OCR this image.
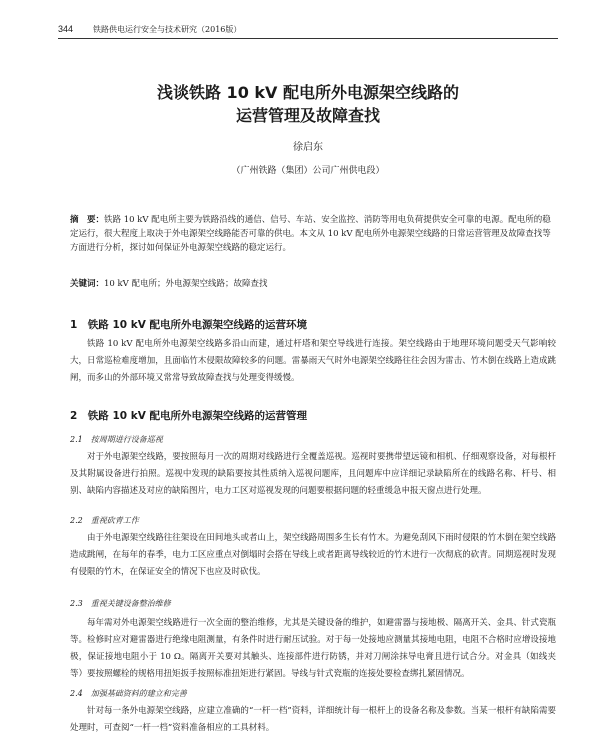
344	铁路供电运行安全与技术研究（2016版）
浅谈铁路 10 kV 配电所外电源架空线路的
运营管理及故障查找
徐启东
（广州铁路（集团）公司广州供电段）
摘　要：铁路 10 kV 配电所主要为铁路沿线的通信、信号、车站、安全监控、消防等用电负荷提供安全可靠的电源。配电所的稳定运行，很大程度上取决于外电源架空线路能否可靠的供电。本文从 10 kV 配电所外电源架空线路的日常运营管理及故障查找等方面进行分析，探讨如何保证外电源架空线路的稳定运行。
关键词：10 kV 配电所；外电源架空线路；故障查找
1　铁路 10 kV 配电所外电源架空线路的运营环境
铁路 10 kV 配电所外电源架空线路多沿山而建，通过杆塔和架空导线进行连接。架空线路由于地理环境问题受天气影响较大，日常巡检难度增加，且面临竹木侵限故障较多的问题。雷暴雨天气时外电源架空线路往往会因为雷击、竹木倒在线路上造成跳闸，而多山的外部环境又常常导致故障查找与处理变得缓慢。
2　铁路 10 kV 配电所外电源架空线路的运营管理
2.1　按周期进行设备巡视
对于外电源架空线路，要按照每月一次的周期对线路进行全覆盖巡视。巡视时要携带望远镜和相机、仔细观察设备，对每根杆及其附属设备进行拍照。巡视中发现的缺陷要按其性质纳入巡视问题库，且问题库中应详细记录缺陷所在的线路名称、杆号、相别、缺陷内容描述及对应的缺陷图片，电力工区对巡视发现的问题要根据问题的轻重缓急申报天窗点进行处理。
2.2　重视砍青工作
由于外电源架空线路往往架设在田间地头或者山上，架空线路周围多生长有竹木。为避免刮风下雨时侵限的竹木倒在架空线路造成跳闸，在每年的春季，电力工区应重点对倒塌时会搭在导线上或者距离导线较近的竹木进行一次彻底的砍青。同期巡视时发现有侵限的竹木，在保证安全的情况下也应及时砍伐。
2.3　重视关键设备整治维修
每年需对外电源架空线路进行一次全面的整治维修，尤其是关键设备的维护，如避雷器与接地极、隔离开关、金具、针式瓷瓶等。检修时应对避雷器进行绝缘电阻测量，有条件时进行耐压试验。对于每一处接地应测量其接地电阻，电阻不合格时应增设接地极，保证接地电阻小于 10 Ω。隔离开关要对其触头、连接部件进行防锈，并对刀闸涂抹导电膏且进行试合分。对金具（如线夹等）要按照螺栓的规格用扭矩扳手按照标准扭矩进行紧固。导线与针式瓷瓶的连接处要检查绑扎紧固情况。
2.4　加强基础资料的建立和完善
针对每一条外电源架空线路，应建立准确的“一杆一档”资料，详细统计每一根杆上的设备名称及参数。当某一根杆有缺陷需要处理时，可查阅“一杆一档”资料准备相应的工具材料。
